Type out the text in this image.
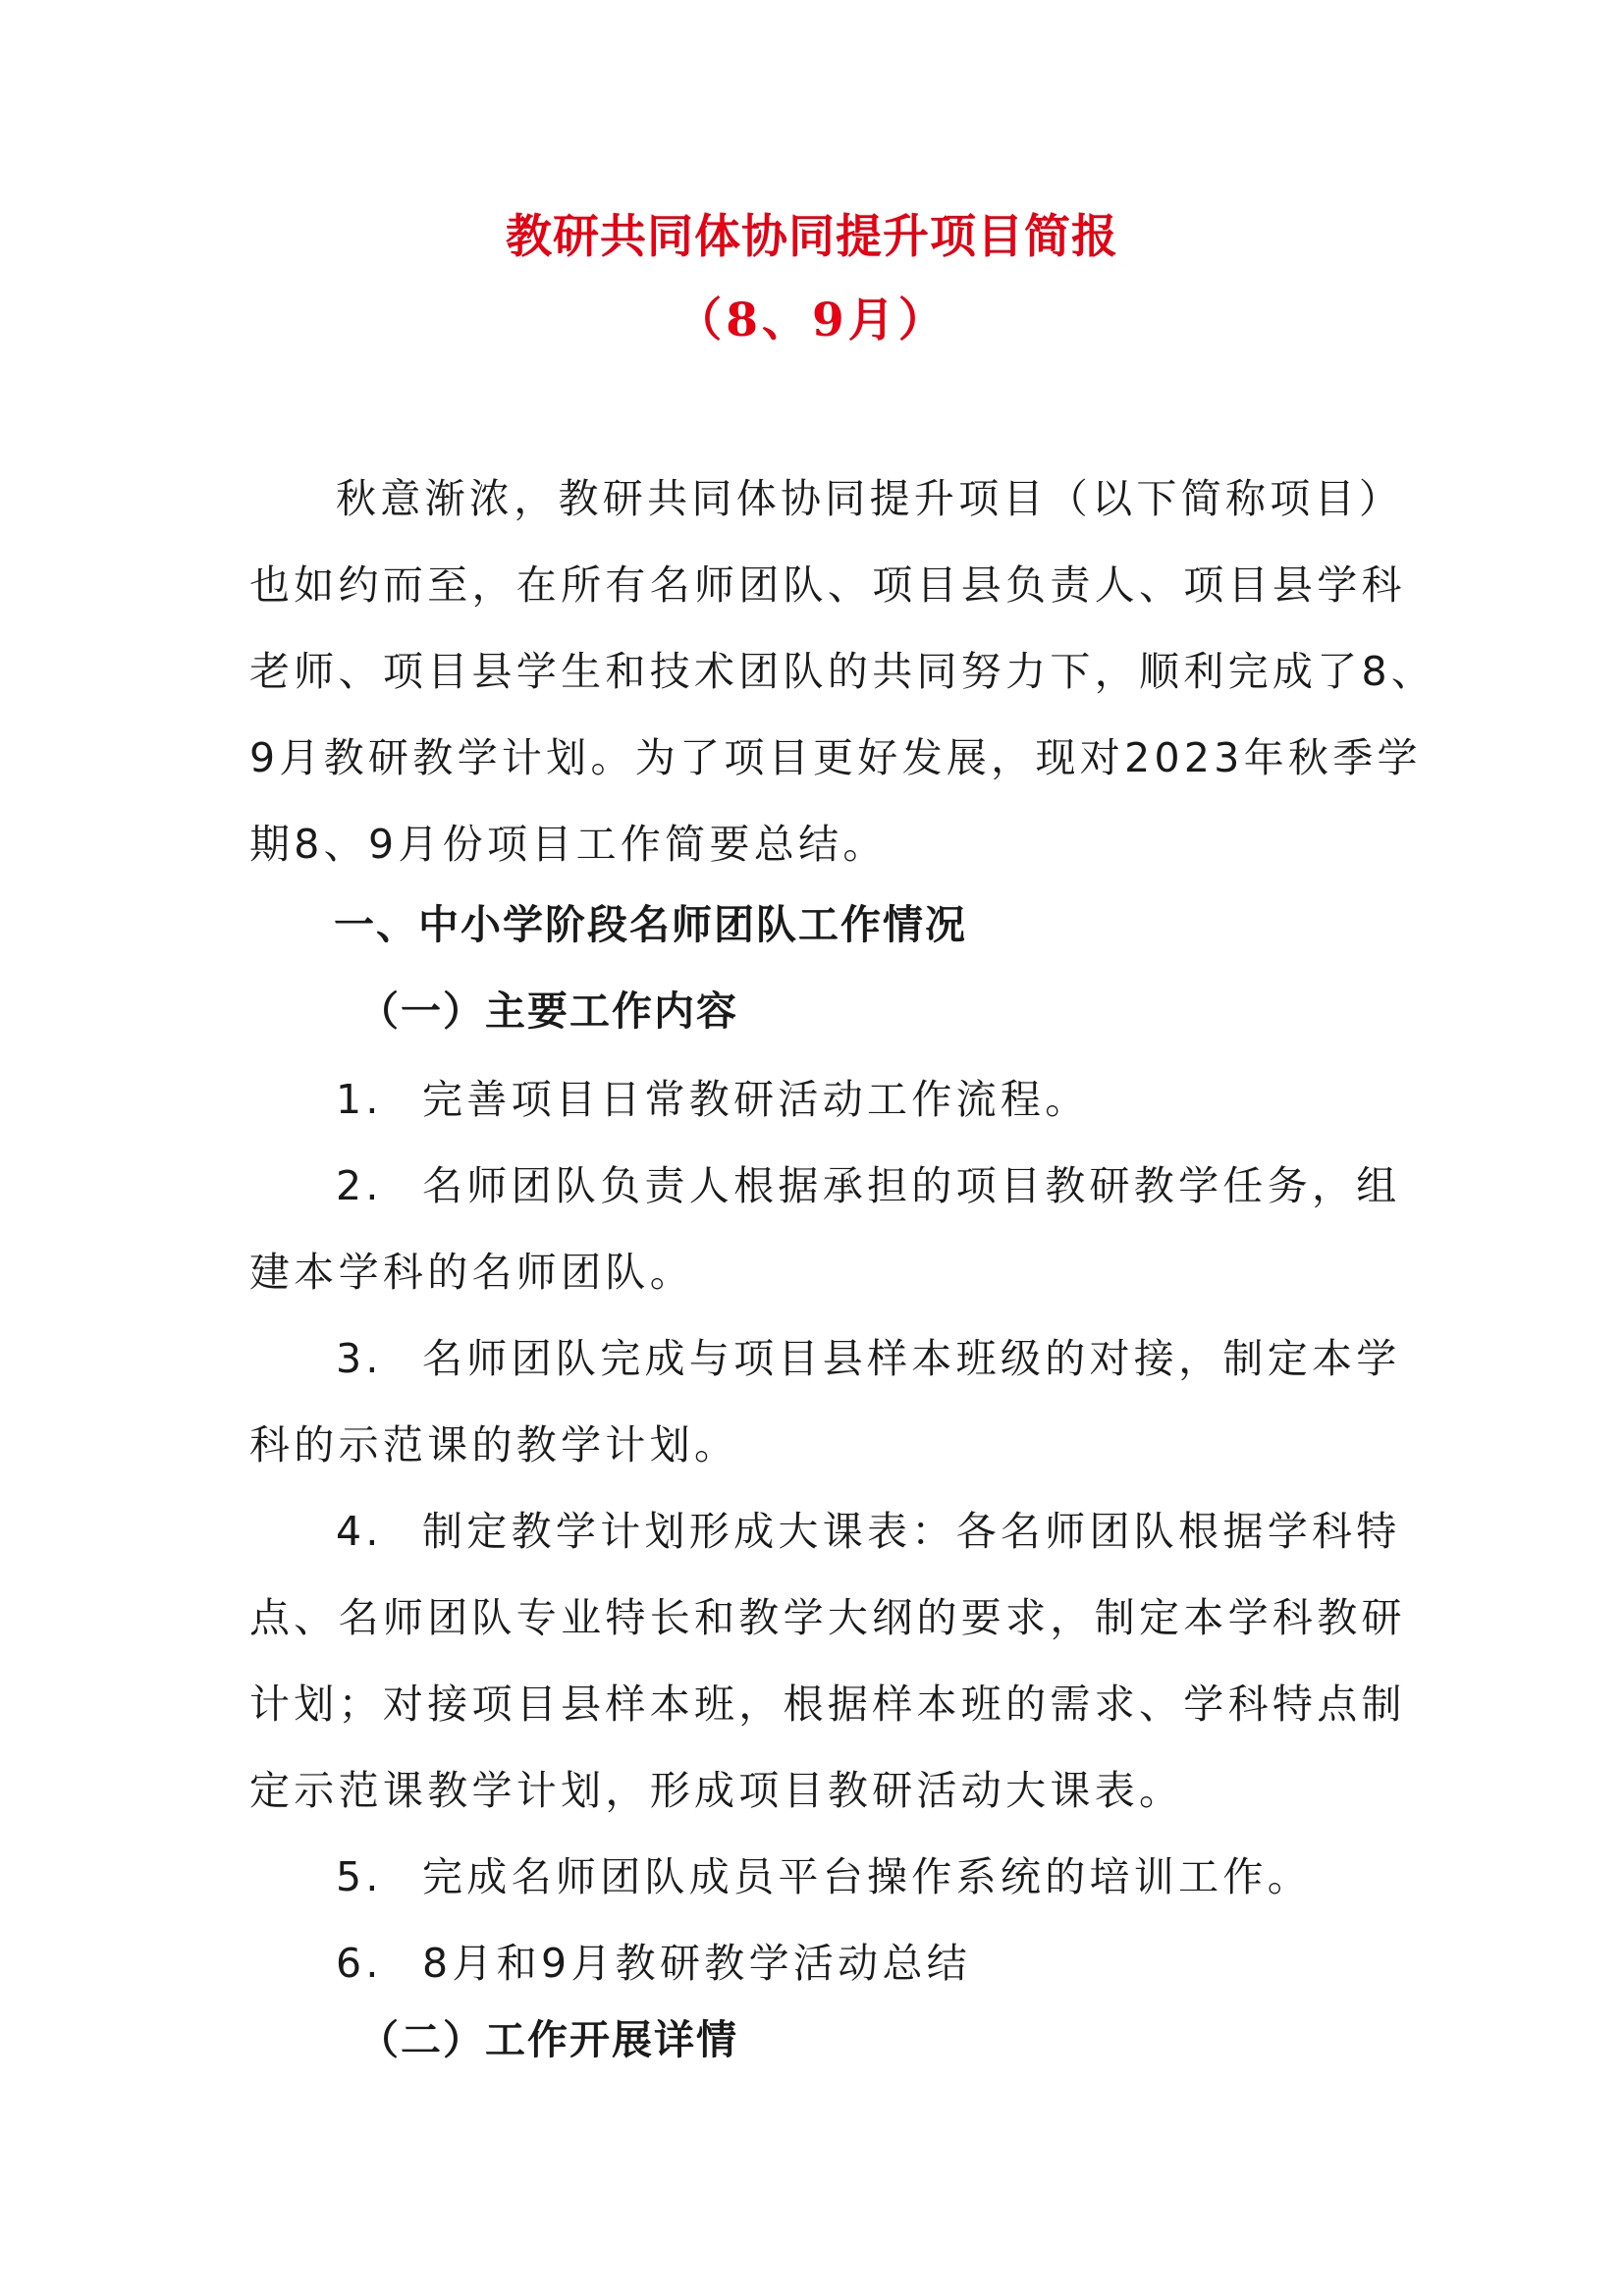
教研共同体协同提升项目简报
（8、9月）
秋意渐浓，教研共同体协同提升项目（以下简称项目）
也如约而至，在所有名师团队、项目县负责人、项目县学科
老师、项目县学生和技术团队的共同努力下，顺利完成了8、
9月教研教学计划。为了项目更好发展，现对2023年秋季学
期8、9月份项目工作简要总结。
一、中小学阶段名师团队工作情况
（一）主要工作内容
1. 完善项目日常教研活动工作流程。
2. 名师团队负责人根据承担的项目教研教学任务，组
建本学科的名师团队。
3. 名师团队完成与项目县样本班级的对接，制定本学
科的示范课的教学计划。
4. 制定教学计划形成大课表：各名师团队根据学科特
点、名师团队专业特长和教学大纲的要求，制定本学科教研
计划；对接项目县样本班，根据样本班的需求、学科特点制
定示范课教学计划，形成项目教研活动大课表。
5. 完成名师团队成员平台操作系统的培训工作。
6. 8月和9月教研教学活动总结
（二）工作开展详情
